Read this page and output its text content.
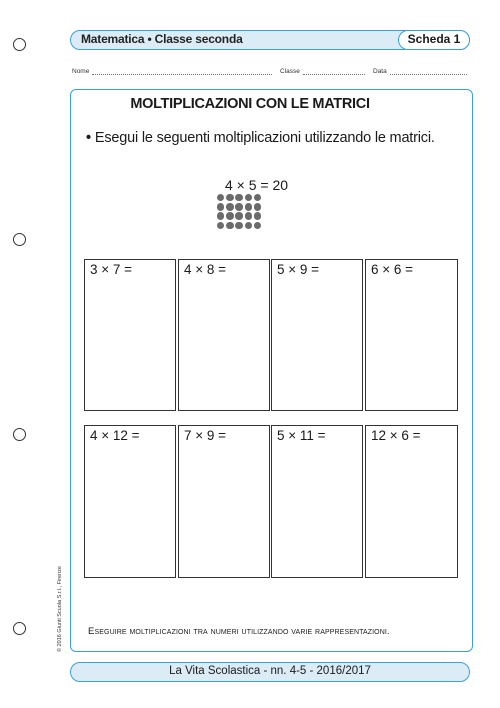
Matematica • Classe seconda	Scheda 1
Nome	Classe	Data
MOLTIPLICAZIONI CON LE MATRICI
• Esegui le seguenti moltiplicazioni utilizzando le matrici.
4 × 5 = 20
3 × 7 =	4 × 8 =	5 × 9 =	6 × 6 =
4 × 12 =	7 × 9 =	5 × 11 =	12 × 6 =
Eseguire moltiplicazioni tra numeri utilizzando varie rappresentazioni.
La Vita Scolastica - nn. 4-5 - 2016/2017
© 2016 Giunti Scuola S.r.l., Firenze
